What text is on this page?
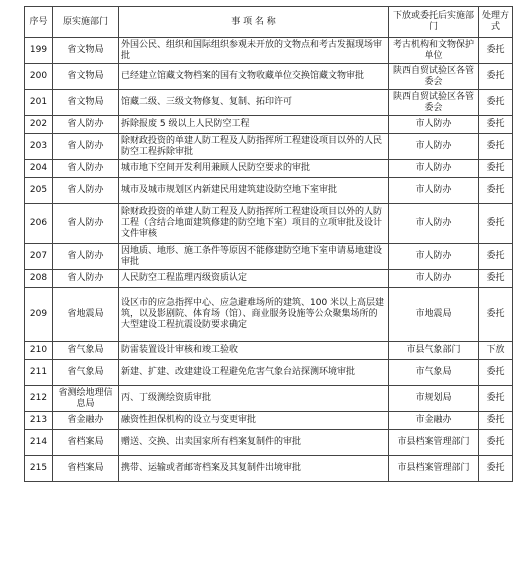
序号	原实施部门	事 项 名 称	下放或委托后实施部门	处理方式
199	省文物局	外国公民、组织和国际组织参观未开放的文物点和考古发掘现场审批	考古机构和文物保护单位	委托
200	省文物局	已经建立馆藏文物档案的国有文物收藏单位交换馆藏文物审批	陕西自贸试验区各管委会	委托
201	省文物局	馆藏二级、三级文物修复、复制、拓印许可	陕西自贸试验区各管委会	委托
202	省人防办	拆除报废 5 级以上人民防空工程	市人防办	委托
203	省人防办	除财政投资的单建人防工程及人防指挥所工程建设项目以外的人民防空工程拆除审批	市人防办	委托
204	省人防办	城市地下空间开发利用兼顾人民防空要求的审批	市人防办	委托
205	省人防办	城市及城市规划区内新建民用建筑建设防空地下室审批	市人防办	委托
206	省人防办	除财政投资的单建人防工程及人防指挥所工程建设项目以外的人防工程（含结合地面建筑修建的防空地下室）项目的立项审批及设计文件审核	市人防办	委托
207	省人防办	因地质、地形、施工条件等原因不能修建防空地下室申请易地建设审批	市人防办	委托
208	省人防办	人民防空工程监理丙级资质认定	市人防办	委托
209	省地震局	设区市的应急指挥中心、应急避难场所的建筑、100 米以上高层建筑，以及影剧院、体育场（馆）、商业服务设施等公众聚集场所的大型建设工程抗震设防要求确定	市地震局	委托
210	省气象局	防雷装置设计审核和竣工验收	市县气象部门	下放
211	省气象局	新建、扩建、改建建设工程避免危害气象台站探测环境审批	市气象局	委托
212	省测绘地理信息局	丙、丁级测绘资质审批	市规划局	委托
213	省金融办	融资性担保机构的设立与变更审批	市金融办	委托
214	省档案局	赠送、交换、出卖国家所有档案复制件的审批	市县档案管理部门	委托
215	省档案局	携带、运输或者邮寄档案及其复制件出境审批	市县档案管理部门	委托
